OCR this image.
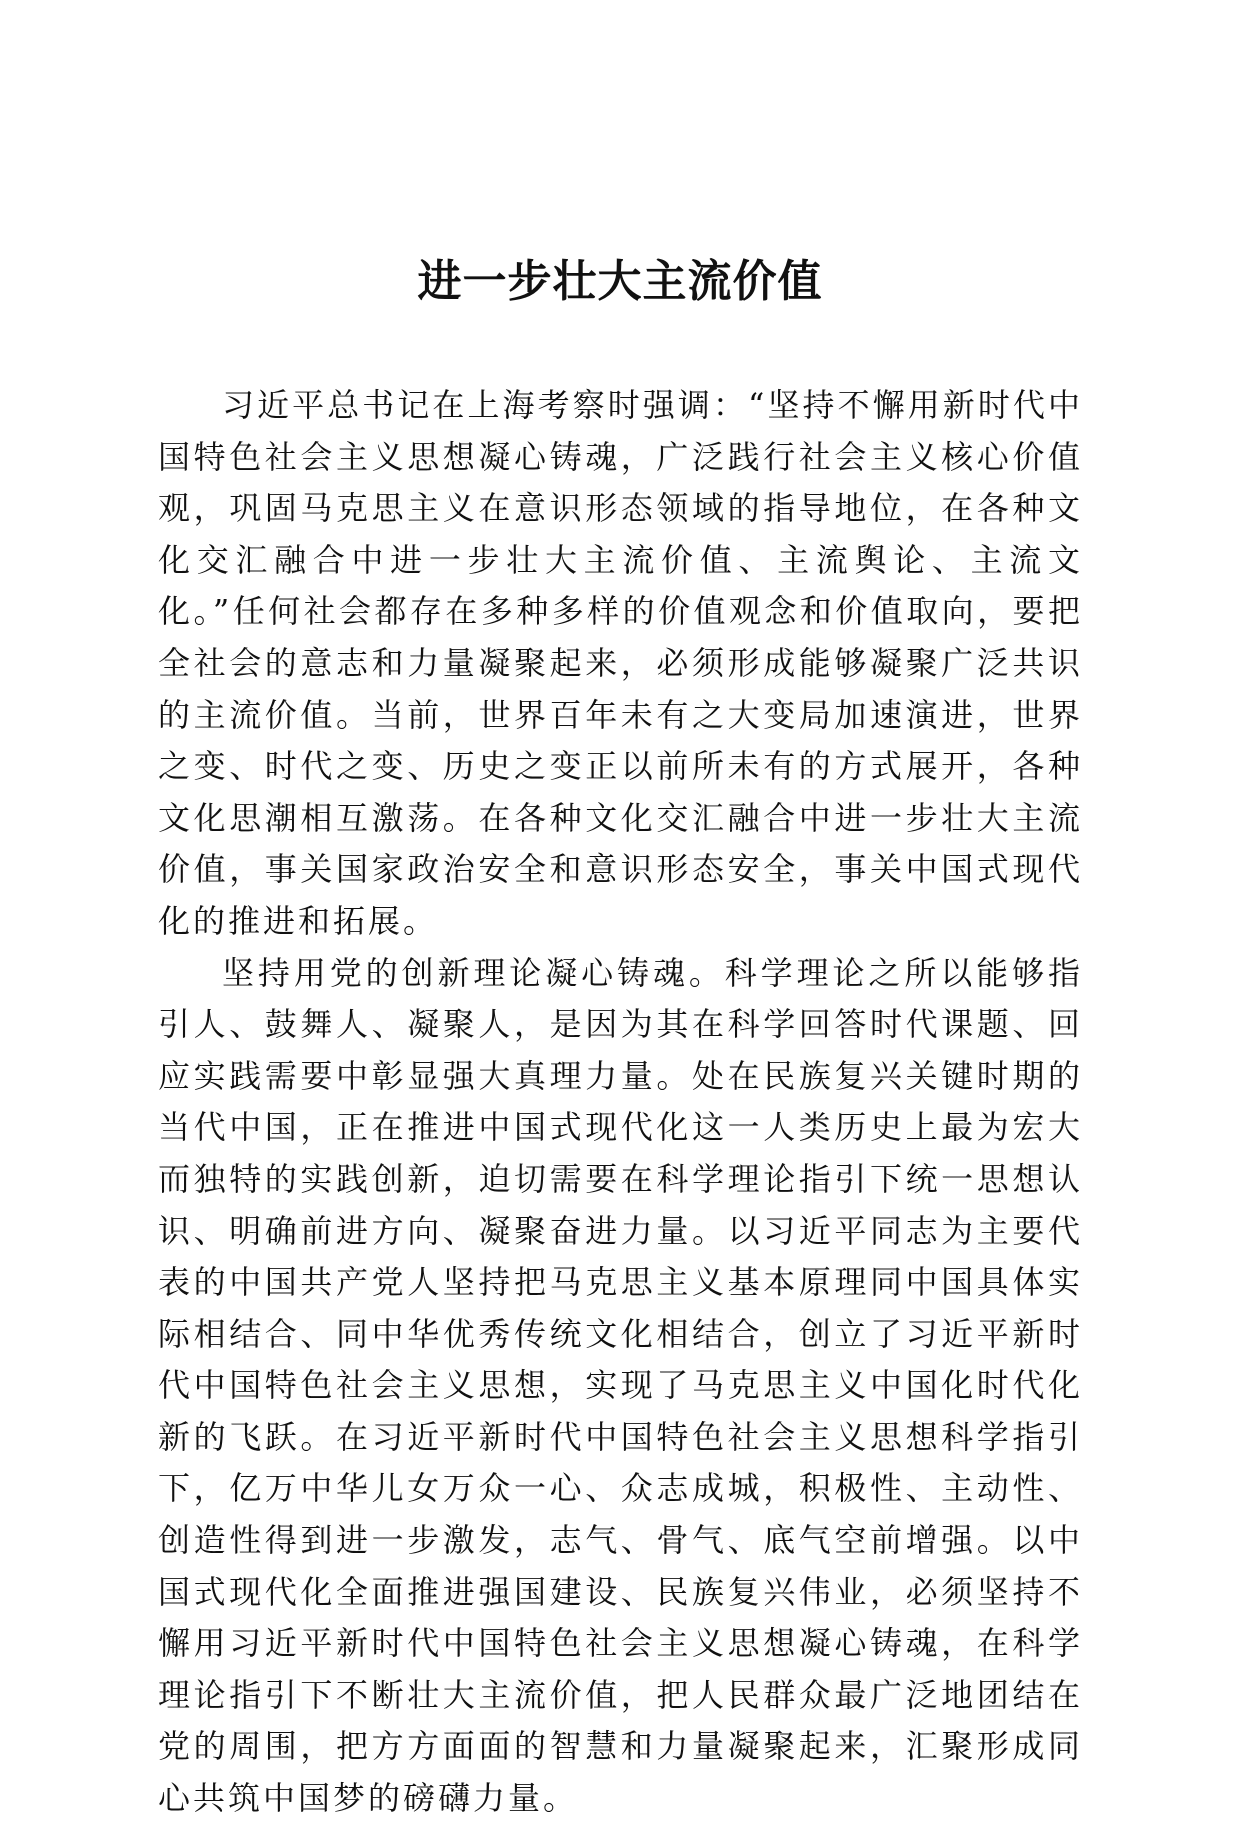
进一步壮大主流价值

习近平总书记在上海考察时强调：“坚持不懈用新时代中国特色社会主义思想凝心铸魂，广泛践行社会主义核心价值观，巩固马克思主义在意识形态领域的指导地位，在各种文化交汇融合中进一步壮大主流价值、主流舆论、主流文化。”任何社会都存在多种多样的价值观念和价值取向，要把全社会的意志和力量凝聚起来，必须形成能够凝聚广泛共识的主流价值。当前，世界百年未有之大变局加速演进，世界之变、时代之变、历史之变正以前所未有的方式展开，各种文化思潮相互激荡。在各种文化交汇融合中进一步壮大主流价值，事关国家政治安全和意识形态安全，事关中国式现代化的推进和拓展。

坚持用党的创新理论凝心铸魂。科学理论之所以能够指引人、鼓舞人、凝聚人，是因为其在科学回答时代课题、回应实践需要中彰显强大真理力量。处在民族复兴关键时期的当代中国，正在推进中国式现代化这一人类历史上最为宏大而独特的实践创新，迫切需要在科学理论指引下统一思想认识、明确前进方向、凝聚奋进力量。以习近平同志为主要代表的中国共产党人坚持把马克思主义基本原理同中国具体实际相结合、同中华优秀传统文化相结合，创立了习近平新时代中国特色社会主义思想，实现了马克思主义中国化时代化新的飞跃。在习近平新时代中国特色社会主义思想科学指引下，亿万中华儿女万众一心、众志成城，积极性、主动性、创造性得到进一步激发，志气、骨气、底气空前增强。以中国式现代化全面推进强国建设、民族复兴伟业，必须坚持不懈用习近平新时代中国特色社会主义思想凝心铸魂，在科学理论指引下不断壮大主流价值，把人民群众最广泛地团结在党的周围，把方方面面的智慧和力量凝聚起来，汇聚形成同心共筑中国梦的磅礴力量。
